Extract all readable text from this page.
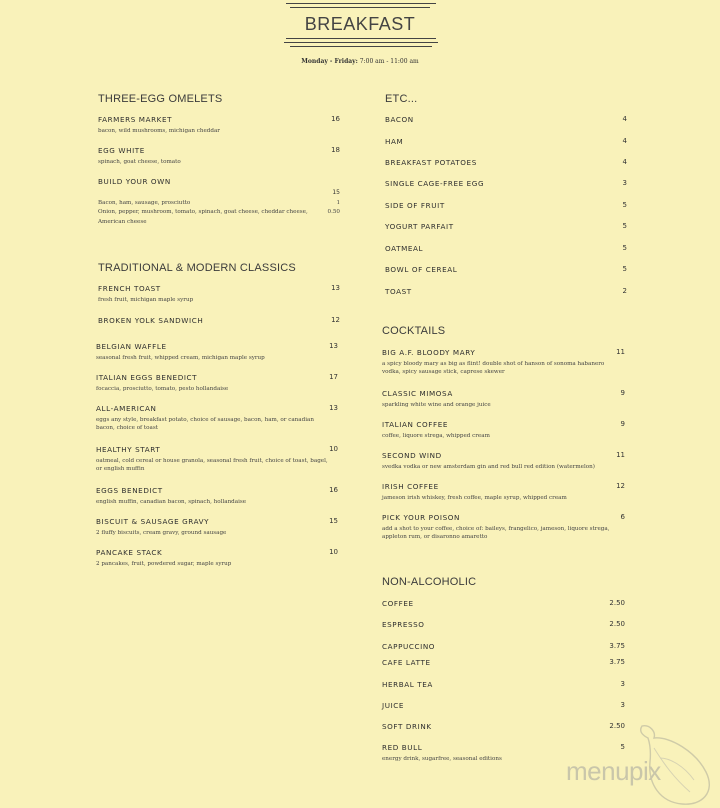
BREAKFAST
Monday - Friday: 7:00 am - 11:00 am
THREE-EGG OMELETS
FARMERS MARKET	16
bacon, wild mushrooms, michigan cheddar
EGG WHITE	18
spinach, goat cheese, tomato
BUILD YOUR OWN
15
Bacon, ham, sausage, prosciutto	1
Onion, pepper, mushroom, tomato, spinach, goat cheese, cheddar cheese,	0.50
American cheese
TRADITIONAL & MODERN CLASSICS
FRENCH TOAST	13
fresh fruit, michigan maple syrup
BROKEN YOLK SANDWICH	12
BELGIAN WAFFLE	13
seasonal fresh fruit, whipped cream, michigan maple syrup
ITALIAN EGGS BENEDICT	17
focaccia, prosciutto, tomato, pesto hollandaise
ALL-AMERICAN	13
eggs any style, breakfast potato, choice of sausage, bacon, ham, or canadian bacon, choice of toast
HEALTHY START	10
oatmeal, cold cereal or house granola, seasonal fresh fruit, choice of toast, bagel, or english muffin
EGGS BENEDICT	16
english muffin, canadian bacon, spinach, hollandaise
BISCUIT & SAUSAGE GRAVY	15
2 fluffy biscuits, cream gravy, ground sausage
PANCAKE STACK	10
2 pancakes, fruit, powdered sugar, maple syrup
ETC...
BACON	4
HAM	4
BREAKFAST POTATOES	4
SINGLE CAGE-FREE EGG	3
SIDE OF FRUIT	5
YOGURT PARFAIT	5
OATMEAL	5
BOWL OF CEREAL	5
TOAST	2
COCKTAILS
BIG A.F. BLOODY MARY	11
a spicy bloody mary as big as flint! double shot of hanson of sonoma habanero vodka, spicy sausage stick, caprese skewer
CLASSIC MIMOSA	9
sparkling white wine and orange juice
ITALIAN COFFEE	9
coffee, liquore strega, whipped cream
SECOND WIND	11
svedka vodka or new amsterdam gin and red bull red edition (watermelon)
IRISH COFFEE	12
jameson irish whiskey, fresh coffee, maple syrup, whipped cream
PICK YOUR POISON	6
add a shot to your coffee, choice of: baileys, frangelico, jameson, liquore strega, appleton rum, or disaronno amaretto
NON-ALCOHOLIC
COFFEE	2.50
ESPRESSO	2.50
CAPPUCCINO	3.75
CAFE LATTE	3.75
HERBAL TEA	3
JUICE	3
SOFT DRINK	2.50
RED BULL	5
energy drink, sugarfree, seasonal editions	menupix
